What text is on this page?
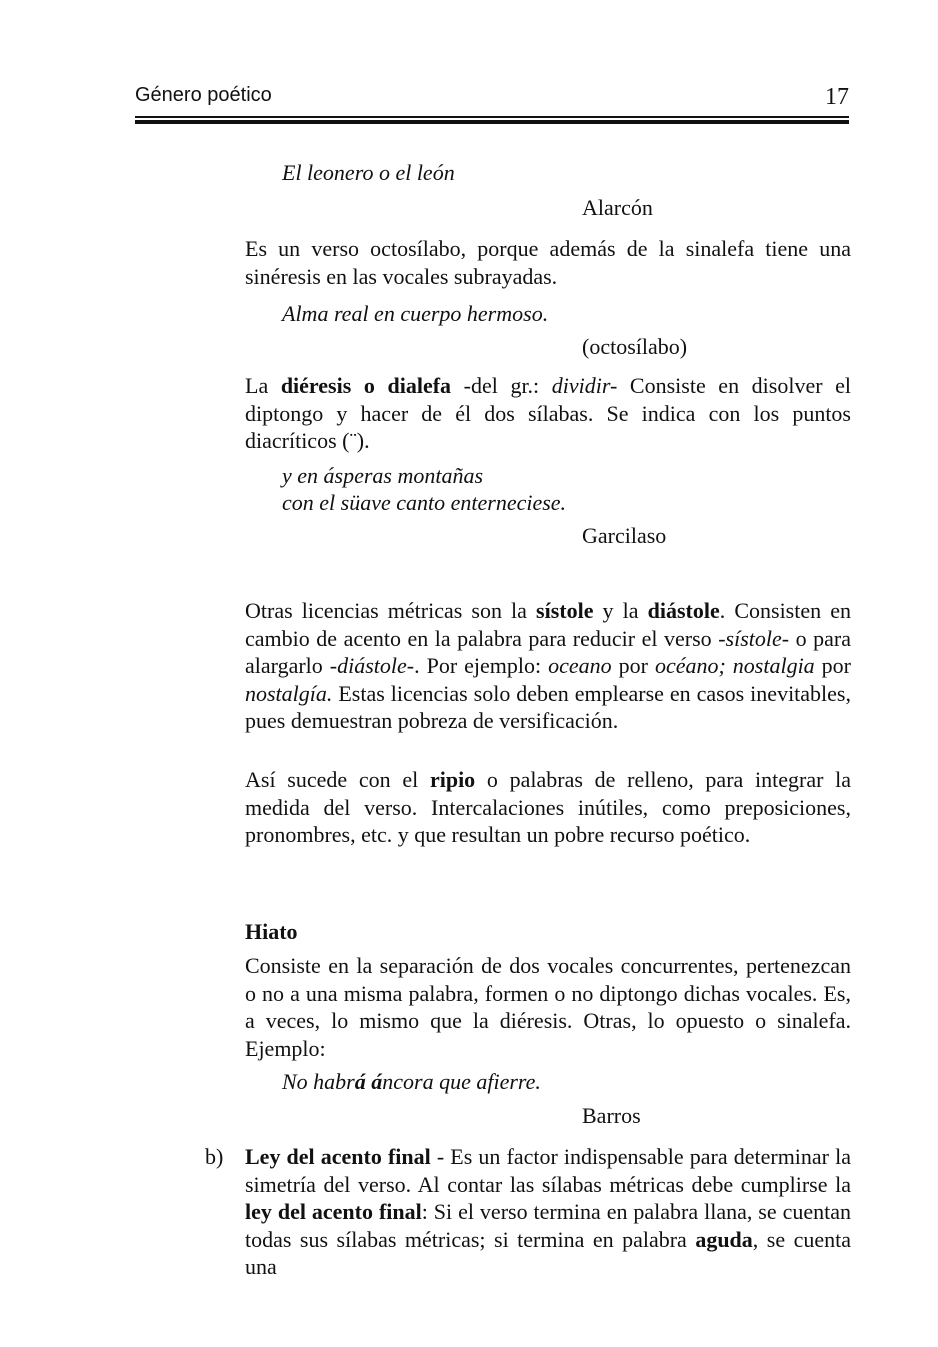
Género poético	17
El leonero o el león
Alarcón
Es un verso octosílabo, porque además de la sinalefa tiene una sinéresis en las vocales subrayadas.
Alma real en cuerpo hermoso.
(octosílabo)
La diéresis o dialefa -del gr.: dividir- Consiste en disolver el diptongo y hacer de él dos sílabas. Se indica con los puntos diacríticos (¨).
y en ásperas montañas
con el süave canto enterneciese.
Garcilaso
Otras licencias métricas son la sístole y la diástole. Consisten en cambio de acento en la palabra para reducir el verso -sístole- o para alargarlo -diástole-. Por ejemplo: oceano por océano; nostalgia por nostalgía. Estas licencias solo deben emplearse en casos inevitables, pues demuestran pobreza de versificación.
Así sucede con el ripio o palabras de relleno, para integrar la medida del verso. Intercalaciones inútiles, como preposiciones, pronombres, etc. y que resultan un pobre recurso poético.
Hiato
Consiste en la separación de dos vocales concurrentes, pertenezcan o no a una misma palabra, formen o no diptongo dichas vocales. Es, a veces, lo mismo que la diéresis. Otras, lo opuesto o sinalefa. Ejemplo:
No habrá áncora que afierre.
Barros
b) Ley del acento final - Es un factor indispensable para determinar la simetría del verso. Al contar las sílabas métricas debe cumplirse la ley del acento final: Si el verso termina en palabra llana, se cuentan todas sus sílabas métricas; si termina en palabra aguda, se cuenta una
